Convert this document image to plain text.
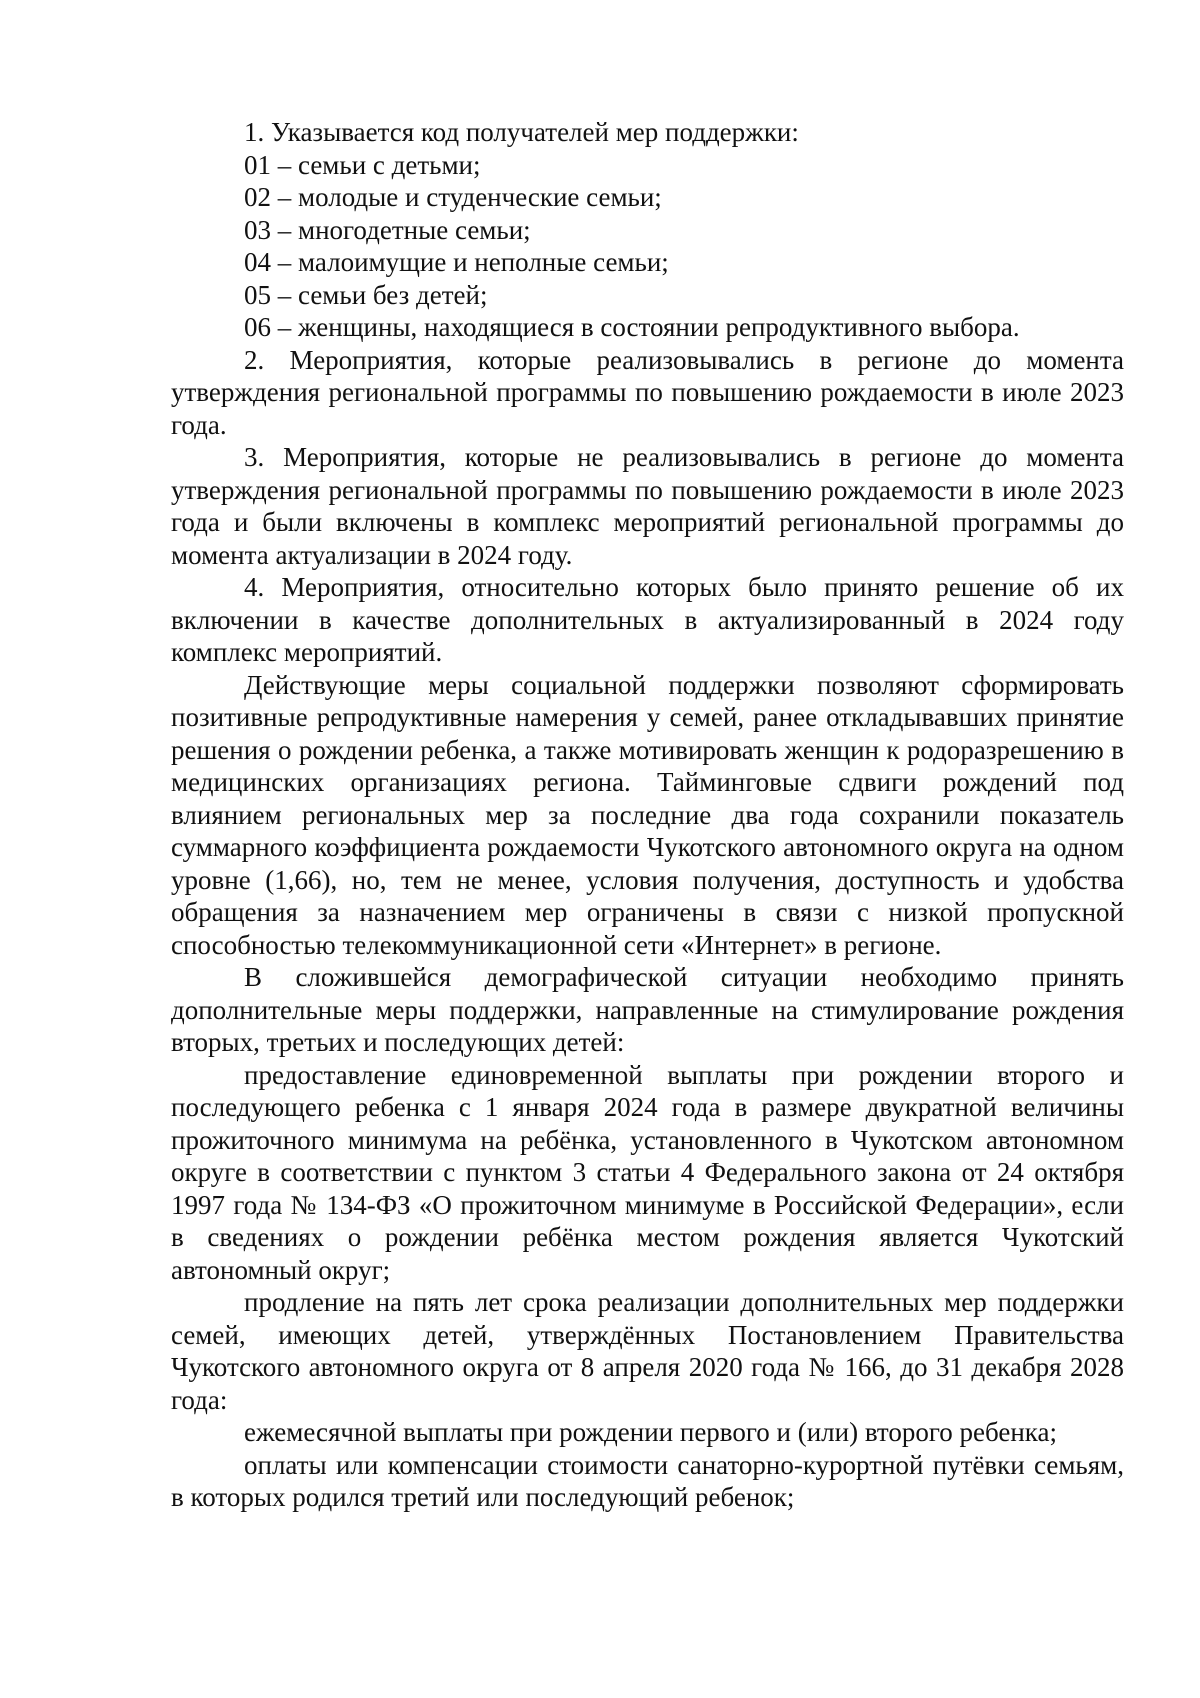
1. Указывается код получателей мер поддержки:

01 – семьи с детьми;

02 – молодые и студенческие семьи;

03 – многодетные семьи;

04 – малоимущие и неполные семьи;

05 – семьи без детей;

06 – женщины, находящиеся в состоянии репродуктивного выбора.

2. Мероприятия, которые реализовывались в регионе до момента утверждения региональной программы по повышению рождаемости в июле 2023 года.

3. Мероприятия, которые не реализовывались в регионе до момента утверждения региональной программы по повышению рождаемости в июле 2023 года и были включены в комплекс мероприятий региональной программы до момента актуализации в 2024 году.

4. Мероприятия, относительно которых было принято решение об их включении в качестве дополнительных в актуализированный в 2024 году комплекс мероприятий.

Действующие меры социальной поддержки позволяют сформировать позитивные репродуктивные намерения у семей, ранее откладывавших принятие решения о рождении ребенка, а также мотивировать женщин к родоразрешению в медицинских организациях региона. Тайминговые сдвиги рождений под влиянием региональных мер за последние два года сохранили показатель суммарного коэффициента рождаемости Чукотского автономного округа на одном уровне (1,66), но, тем не менее, условия получения, доступность и удобства обращения за назначением мер ограничены в связи с низкой пропускной способностью телекоммуникационной сети «Интернет» в регионе.

В сложившейся демографической ситуации необходимо принять дополнительные меры поддержки, направленные на стимулирование рождения вторых, третьих и последующих детей:

предоставление единовременной выплаты при рождении второго и последующего ребенка с 1 января 2024 года в размере двукратной величины прожиточного минимума на ребёнка, установленного в Чукотском автономном округе в соответствии с пунктом 3 статьи 4 Федерального закона от 24 октября 1997 года № 134-ФЗ «О прожиточном минимуме в Российской Федерации», если в сведениях о рождении ребёнка местом рождения является Чукотский автономный округ;

продление на пять лет срока реализации дополнительных мер поддержки семей, имеющих детей, утверждённых Постановлением Правительства Чукотского автономного округа от 8 апреля 2020 года № 166, до 31 декабря 2028 года:

ежемесячной выплаты при рождении первого и (или) второго ребенка;

оплаты или компенсации стоимости санаторно-курортной путёвки семьям, в которых родился третий или последующий ребенок;
